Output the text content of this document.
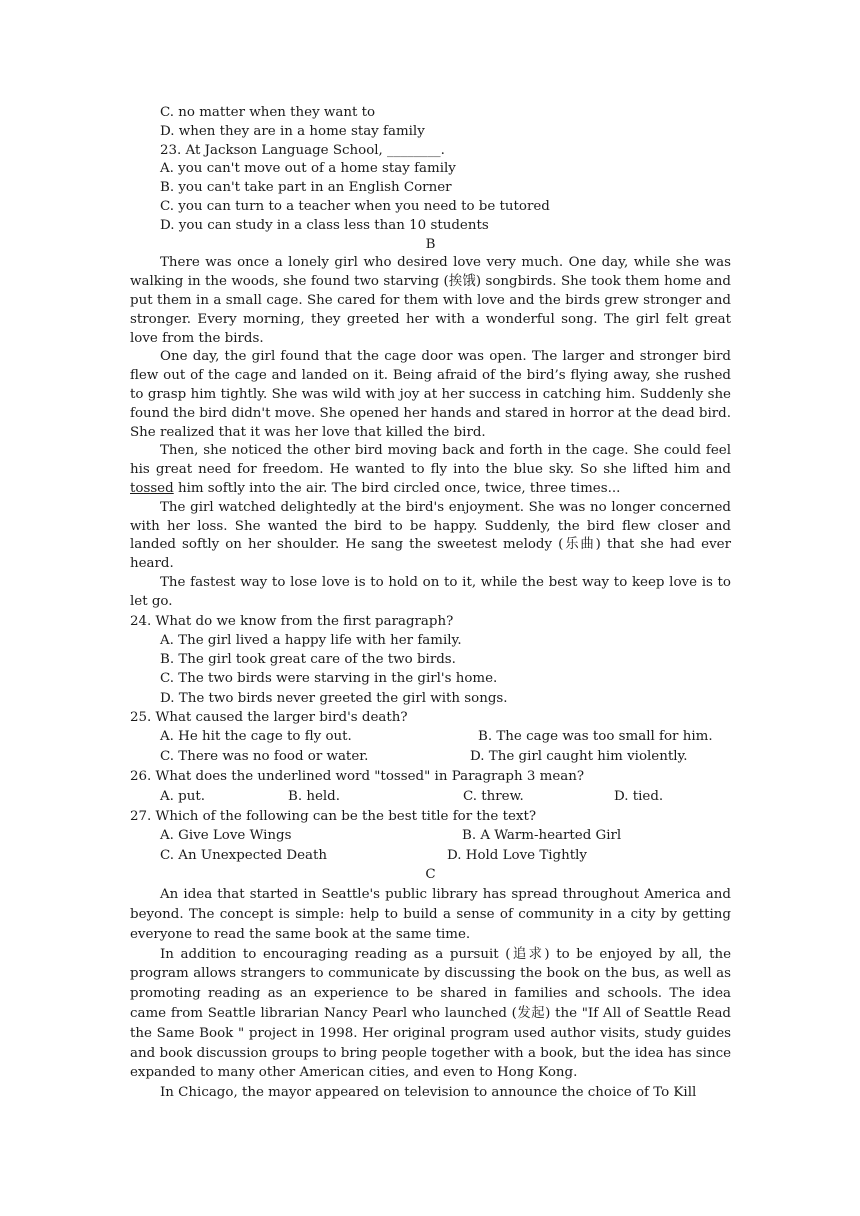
C. no matter when they want to
D. when they are in a home stay family
23. At Jackson Language School, ________.
A. you can't move out of a home stay family
B. you can't take part in an English Corner
C. you can turn to a teacher when you need to be tutored
D. you can study in a class less than 10 students
B

There was once a lonely girl who desired love very much. One day, while she was walking in the woods, she found two starving (挨饿) songbirds. She took them home and put them in a small cage. She cared for them with love and the birds grew stronger and stronger. Every morning, they greeted her with a wonderful song. The girl felt great love from the birds.

One day, the girl found that the cage door was open. The larger and stronger bird flew out of the cage and landed on it. Being afraid of the bird’s flying away, she rushed to grasp him tightly. She was wild with joy at her success in catching him. Suddenly she found the bird didn't move. She opened her hands and stared in horror at the dead bird. She realized that it was her love that killed the bird.

Then, she noticed the other bird moving back and forth in the cage. She could feel his great need for freedom. He wanted to fly into the blue sky. So she lifted him and tossed him softly into the air. The bird circled once, twice, three times...

The girl watched delightedly at the bird's enjoyment. She was no longer concerned with her loss. She wanted the bird to be happy. Suddenly, the bird flew closer and landed softly on her shoulder. He sang the sweetest melody (乐曲) that she had ever heard.

The fastest way to lose love is to hold on to it, while the best way to keep love is to let go.

24. What do we know from the first paragraph?
A. The girl lived a happy life with her family.
B. The girl took great care of the two birds.
C. The two birds were starving in the girl's home.
D. The two birds never greeted the girl with songs.
25. What caused the larger bird's death?
A. He hit the cage to fly out.	B. The cage was too small for him.
C. There was no food or water.	D. The girl caught him violently.
26. What does the underlined word "tossed" in Paragraph 3 mean?
A. put.	B. held.	C. threw.	D. tied.
27. Which of the following can be the best title for the text?
A. Give Love Wings	B. A Warm-hearted Girl
C. An Unexpected Death	D. Hold Love Tightly
C

An idea that started in Seattle's public library has spread throughout America and beyond. The concept is simple: help to build a sense of community in a city by getting everyone to read the same book at the same time.

In addition to encouraging reading as a pursuit (追求) to be enjoyed by all, the program allows strangers to communicate by discussing the book on the bus, as well as promoting reading as an experience to be shared in families and schools. The idea came from Seattle librarian Nancy Pearl who launched (发起) the "If All of Seattle Read the Same Book " project in 1998. Her original program used author visits, study guides and book discussion groups to bring people together with a book, but the idea has since expanded to many other American cities, and even to Hong Kong.

In Chicago, the mayor appeared on television to announce the choice of To Kill
